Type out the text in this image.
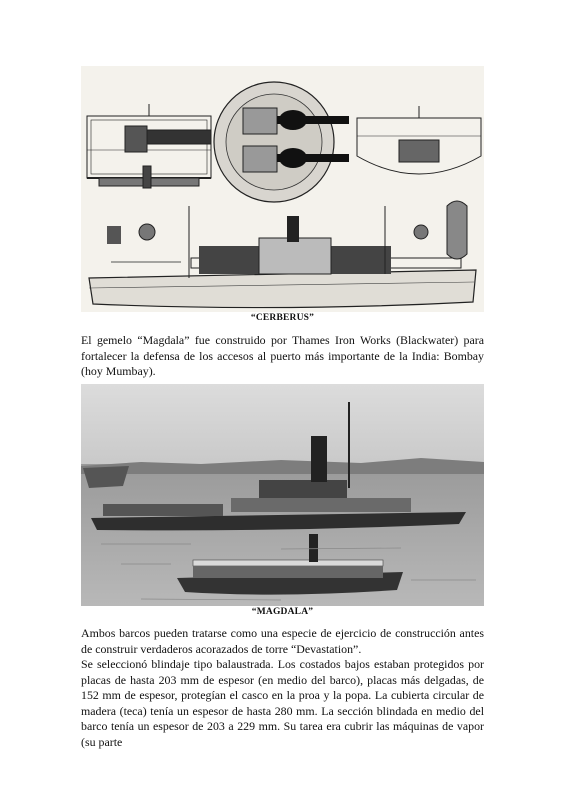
“CERBERUS”

El gemelo “Magdala” fue construido por Thames Iron Works (Blackwater) para fortalecer la defensa de los accesos al puerto más importante de la India: Bombay (hoy Mumbay).

“MAGDALA”

Ambos barcos pueden tratarse como una especie de ejercicio de construcción antes de construir verdaderos acorazados de torre “Devastation”.

Se seleccionó blindaje tipo balaustrada. Los costados bajos estaban protegidos por placas de hasta 203 mm de espesor (en medio del barco), placas más delgadas, de 152 mm de espesor, protegían el casco en la proa y la popa. La cubierta circular de madera (teca) tenía un espesor de hasta 280 mm. La sección blindada en medio del barco tenía un espesor de 203 a 229 mm. Su tarea era cubrir las máquinas de vapor (su parte
